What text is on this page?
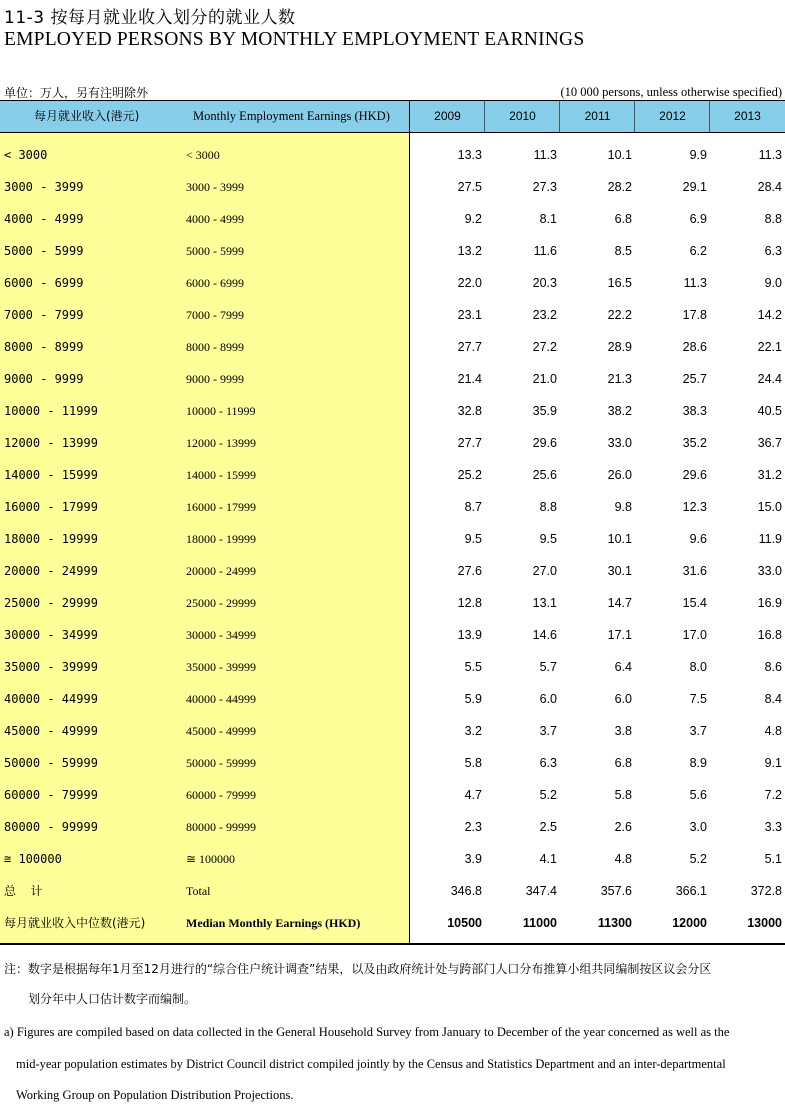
11-3 按每月就业收入划分的就业人数
EMPLOYED PERSONS BY MONTHLY EMPLOYMENT EARNINGS
单位：万人，另有注明除外	(10 000 persons, unless otherwise specified)
每月就业收入(港元)	Monthly Employment Earnings (HKD)	2009	2010	2011	2012	2013
< 3000	< 3000	13.3	11.3	10.1	9.9	11.3
3000 - 3999	3000 - 3999	27.5	27.3	28.2	29.1	28.4
4000 - 4999	4000 - 4999	9.2	8.1	6.8	6.9	8.8
5000 - 5999	5000 - 5999	13.2	11.6	8.5	6.2	6.3
6000 - 6999	6000 - 6999	22.0	20.3	16.5	11.3	9.0
7000 - 7999	7000 - 7999	23.1	23.2	22.2	17.8	14.2
8000 - 8999	8000 - 8999	27.7	27.2	28.9	28.6	22.1
9000 - 9999	9000 - 9999	21.4	21.0	21.3	25.7	24.4
10000 - 11999	10000 - 11999	32.8	35.9	38.2	38.3	40.5
12000 - 13999	12000 - 13999	27.7	29.6	33.0	35.2	36.7
14000 - 15999	14000 - 15999	25.2	25.6	26.0	29.6	31.2
16000 - 17999	16000 - 17999	8.7	8.8	9.8	12.3	15.0
18000 - 19999	18000 - 19999	9.5	9.5	10.1	9.6	11.9
20000 - 24999	20000 - 24999	27.6	27.0	30.1	31.6	33.0
25000 - 29999	25000 - 29999	12.8	13.1	14.7	15.4	16.9
30000 - 34999	30000 - 34999	13.9	14.6	17.1	17.0	16.8
35000 - 39999	35000 - 39999	5.5	5.7	6.4	8.0	8.6
40000 - 44999	40000 - 44999	5.9	6.0	6.0	7.5	8.4
45000 - 49999	45000 - 49999	3.2	3.7	3.8	3.7	4.8
50000 - 59999	50000 - 59999	5.8	6.3	6.8	8.9	9.1
60000 - 79999	60000 - 79999	4.7	5.2	5.8	5.6	7.2
80000 - 99999	80000 - 99999	2.3	2.5	2.6	3.0	3.3
≅ 100000	≅ 100000	3.9	4.1	4.8	5.2	5.1
总  计	Total	346.8	347.4	357.6	366.1	372.8
每月就业收入中位数(港元)	Median Monthly Earnings (HKD)	10500	11000	11300	12000	13000
注：数字是根据每年1月至12月进行的“综合住户统计调查”结果，以及由政府统计处与跨部门人口分布推算小组共同编制按区议会分区
划分年中人口估计数字而编制。
a) Figures are compiled based on data collected in the General Household Survey from January to December of the year concerned as well as the
mid-year population estimates by District Council district compiled jointly by the Census and Statistics Department and an inter-departmental
Working Group on Population Distribution Projections.
